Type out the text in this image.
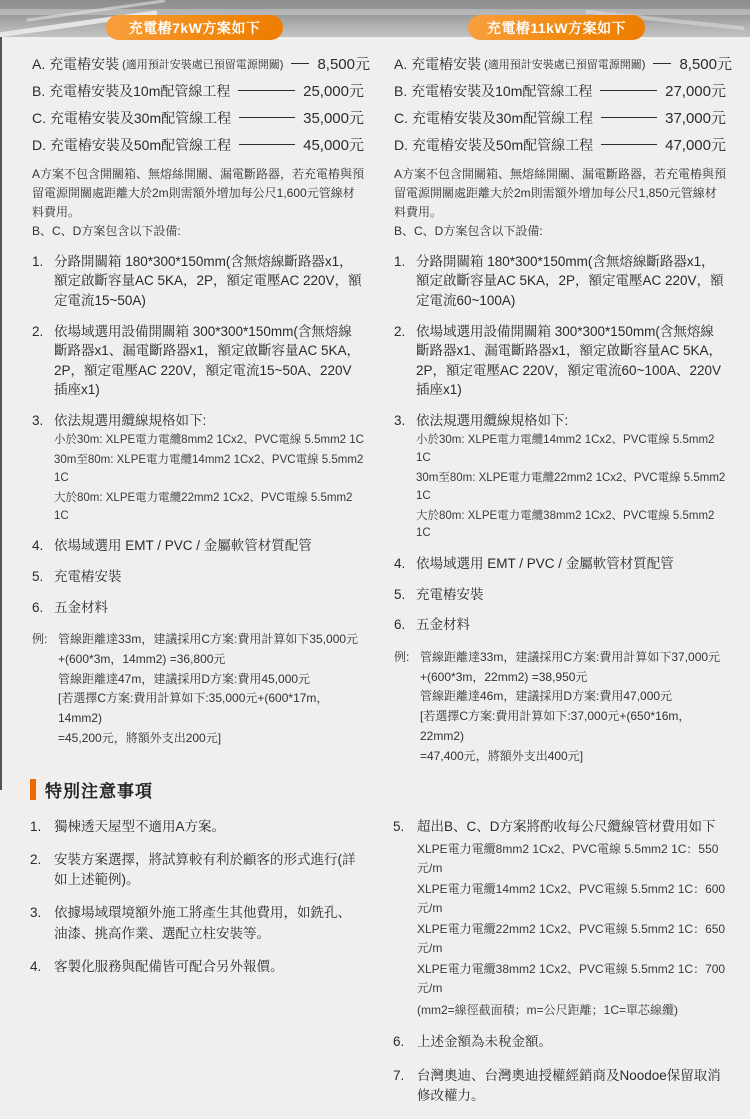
充電樁7kW方案如下	充電樁11kW方案如下
A. 充電樁安裝 (適用預計安裝處已預留電源開關) 8,500元
B. 充電樁安裝及10m配管線工程	25,000元
C. 充電樁安裝及30m配管線工程	35,000元
D. 充電樁安裝及50m配管線工程	45,000元
A方案不包含開關箱、無熔絲開關、漏電斷路器，若充電樁與預留電源開關處距離大於2m則需額外增加每公尺1,600元管線材料費用。
B、C、D方案包含以下設備:
1. 分路開關箱 180*300*150mm(含無熔線斷路器x1，額定啟斷容量AC 5KA，2P，額定電壓AC 220V，額定電流15~50A)
2. 依場域選用設備開關箱 300*300*150mm(含無熔線斷路器x1、漏電斷路器x1，額定啟斷容量AC 5KA，2P，額定電壓AC 220V，額定電流15~50A、220V 插座x1)
3. 依法規選用纜線規格如下:
小於30m: XLPE電力電纜8mm2 1Cx2、PVC電線 5.5mm2 1C
30m至80m: XLPE電力電纜14mm2 1Cx2、PVC電線 5.5mm2 1C
大於80m: XLPE電力電纜22mm2 1Cx2、PVC電線 5.5mm2 1C
4. 依場域選用 EMT / PVC / 金屬軟管材質配管
5. 充電樁安裝
6. 五金材料
例: 管線距離達33m，建議採用C方案:費用計算如下35,000元
+(600*3m，14mm2) =36,800元
管線距離達47m，建議採用D方案:費用45,000元
[若選擇C方案:費用計算如下:35,000元+(600*17m，14mm2)
=45,200元，將額外支出200元]
A. 充電樁安裝 (適用預計安裝處已預留電源開關) 8,500元
B. 充電樁安裝及10m配管線工程	27,000元
C. 充電樁安裝及30m配管線工程	37,000元
D. 充電樁安裝及50m配管線工程	47,000元
A方案不包含開關箱、無熔絲開關、漏電斷路器，若充電樁與預留電源開關處距離大於2m則需額外增加每公尺1,850元管線材料費用。
B、C、D方案包含以下設備:
1. 分路開關箱 180*300*150mm(含無熔線斷路器x1，額定啟斷容量AC 5KA，2P，額定電壓AC 220V，額定電流60~100A)
2. 依場域選用設備開關箱 300*300*150mm(含無熔線斷路器x1、漏電斷路器x1，額定啟斷容量AC 5KA，2P，額定電壓AC 220V，額定電流60~100A、220V 插座x1)
3. 依法規選用纜線規格如下:
小於30m: XLPE電力電纜14mm2 1Cx2、PVC電線 5.5mm2 1C
30m至80m: XLPE電力電纜22mm2 1Cx2、PVC電線 5.5mm2 1C
大於80m: XLPE電力電纜38mm2 1Cx2、PVC電線 5.5mm2 1C
4. 依場域選用 EMT / PVC / 金屬軟管材質配管
5. 充電樁安裝
6. 五金材料
例: 管線距離達33m，建議採用C方案:費用計算如下37,000元
+(600*3m，22mm2) =38,950元
管線距離達46m，建議採用D方案:費用47,000元
[若選擇C方案:費用計算如下:37,000元+(650*16m，22mm2)
=47,400元，將額外支出400元]
特別注意事項
1. 獨棟透天屋型不適用A方案。
2. 安裝方案選擇，將試算較有利於顧客的形式進行(詳如上述範例)。
3. 依據場域環境額外施工將產生其他費用，如銑孔、油漆、挑高作業、選配立柱安裝等。
4. 客製化服務與配備皆可配合另外報價。
5. 超出B、C、D方案將酌收每公尺纜線管材費用如下
XLPE電力電纜8mm2 1Cx2、PVC電線 5.5mm2 1C：550 元/m
XLPE電力電纜14mm2 1Cx2、PVC電線 5.5mm2 1C：600元/m
XLPE電力電纜22mm2 1Cx2、PVC電線 5.5mm2 1C：650元/m
XLPE電力電纜38mm2 1Cx2、PVC電線 5.5mm2 1C：700元/m
(mm2=線徑截面積；m=公尺距離；1C=單芯線纜)
6. 上述金額為未稅金額。
7. 台灣奧迪、台灣奧迪授權經銷商及Noodoe保留取消修改權力。
